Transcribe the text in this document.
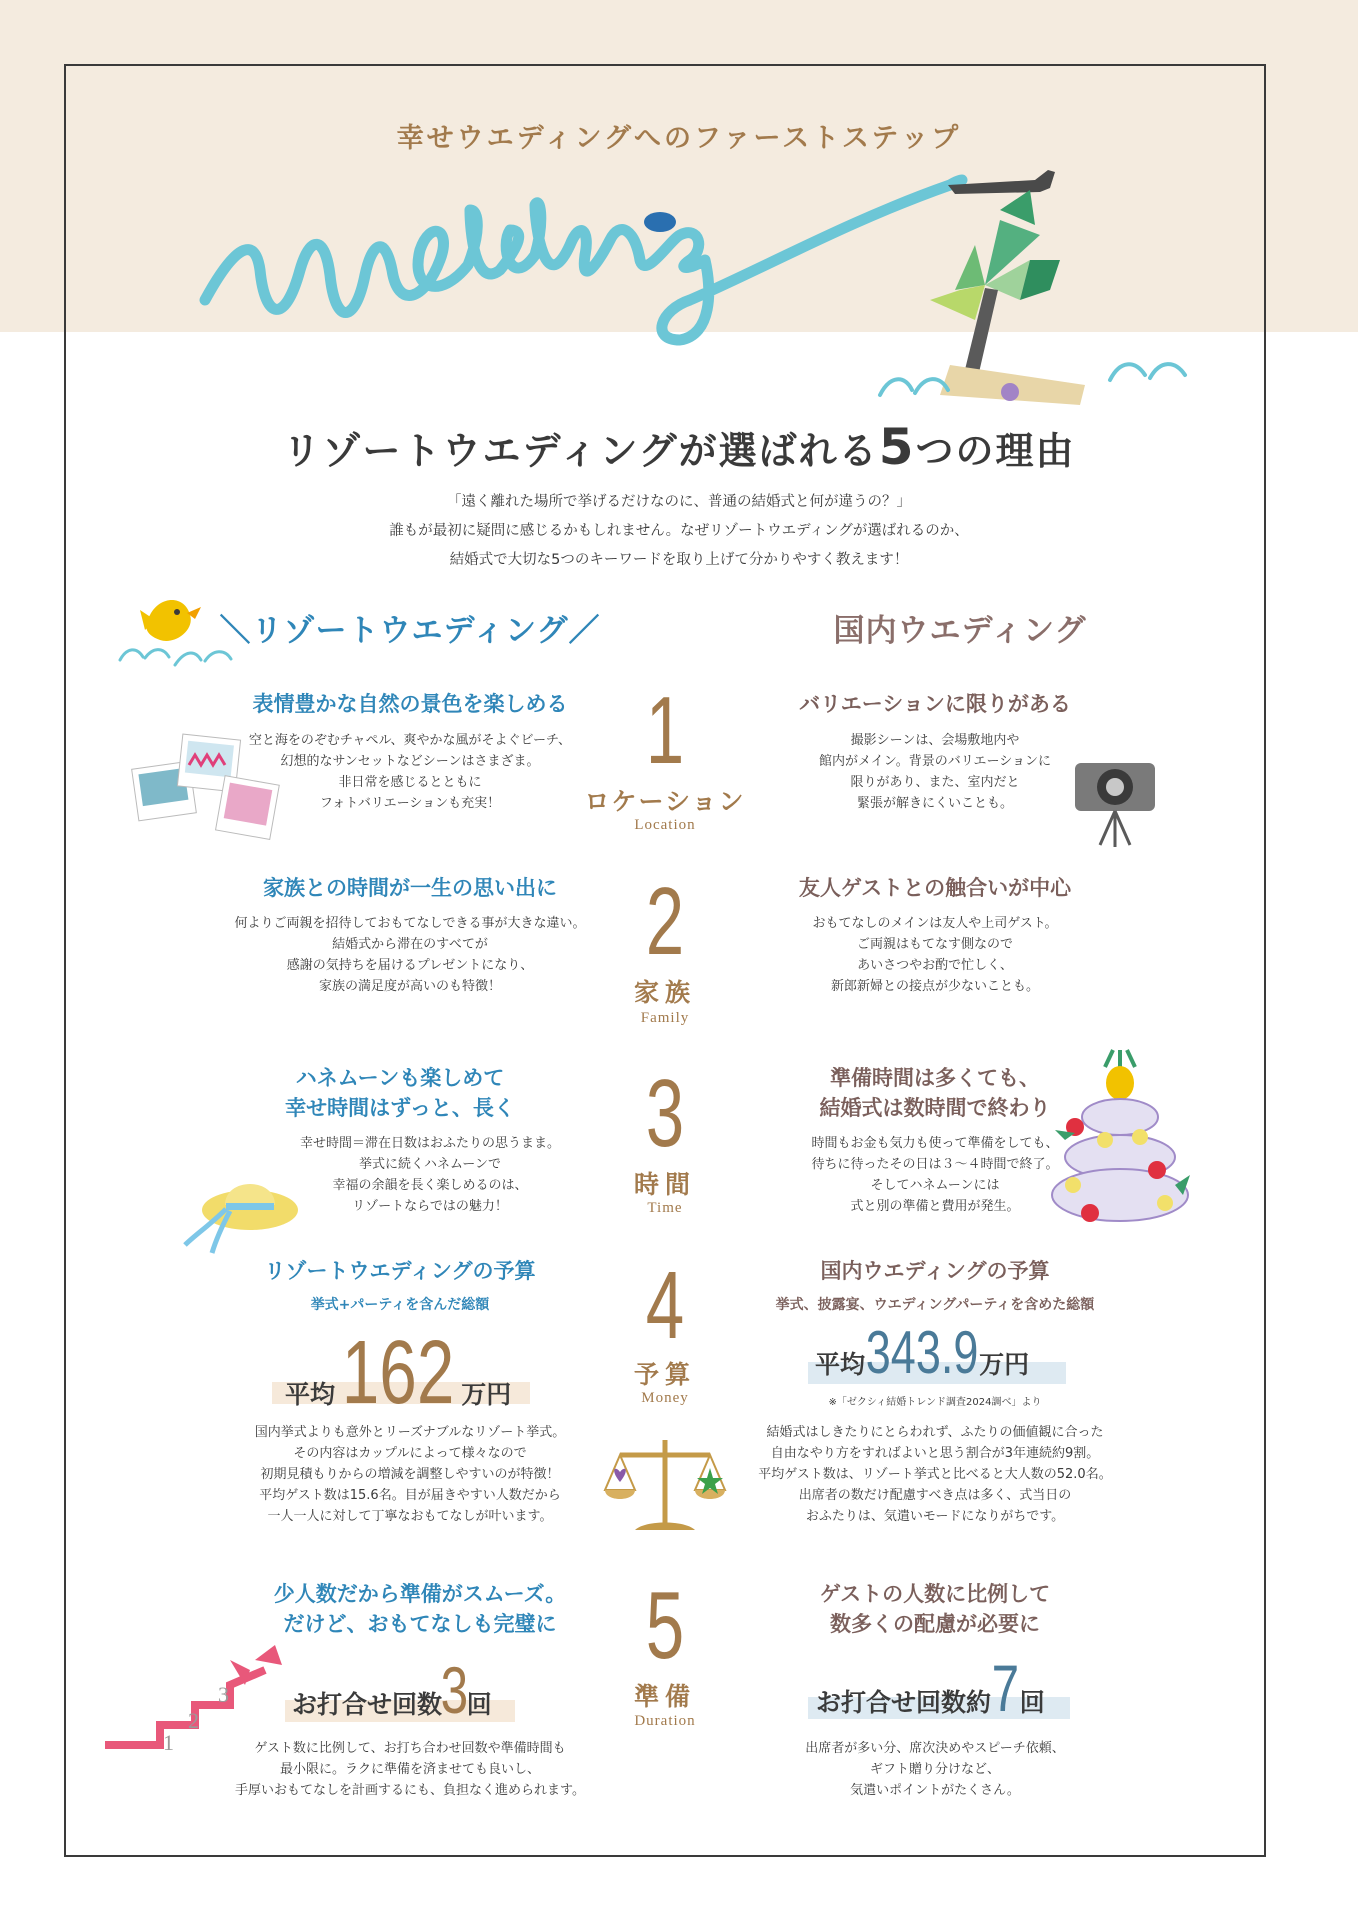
幸せウエディングへのファーストステップ
wedding
リゾートウエディングが選ばれる5つの理由
「遠く離れた場所で挙げるだけなのに、普通の結婚式と何が違うの？」
誰もが最初に疑問に感じるかもしれません。なぜリゾートウエディングが選ばれるのか、
結婚式で大切な5つのキーワードを取り上げて分かりやすく教えます！
＼リゾートウエディング／	国内ウエディング
表情豊かな自然の景色を楽しめる
空と海をのぞむチャペル、爽やかな風がそよぐビーチ、
幻想的なサンセットなどシーンはさまざま。
非日常を感じるとともに
フォトバリエーションも充実！
1
ロケーション
Location
バリエーションに限りがある
撮影シーンは、会場敷地内や
館内がメイン。背景のバリエーションに
限りがあり、また、室内だと
緊張が解きにくいことも。
家族との時間が一生の思い出に
何よりご両親を招待しておもてなしできる事が大きな違い。
結婚式から滞在のすべてが
感謝の気持ちを届けるプレゼントになり、
家族の満足度が高いのも特徴！
2
家族
Family
友人ゲストとの触合いが中心
おもてなしのメインは友人や上司ゲスト。
ご両親はもてなす側なので
あいさつやお酌で忙しく、
新郎新婦との接点が少ないことも。
ハネムーンも楽しめて
幸せ時間はずっと、長く
幸せ時間＝滞在日数はおふたりの思うまま。
挙式に続くハネムーンで
幸福の余韻を長く楽しめるのは、
リゾートならではの魅力！
3
時間
Time
準備時間は多くても、
結婚式は数時間で終わり
時間もお金も気力も使って準備をしても、
待ちに待ったその日は３〜４時間で終了。
そしてハネムーンには
式と別の準備と費用が発生。
リゾートウエディングの予算
挙式+パーティを含んだ総額
平均162 万円
国内挙式よりも意外とリーズナブルなリゾート挙式。
その内容はカップルによって様々なので
初期見積もりからの増減を調整しやすいのが特徴！
平均ゲスト数は15.6名。目が届きやすい人数だから
一人一人に対して丁寧なおもてなしが叶います。
4
予算
Money
国内ウエディングの予算
挙式、披露宴、ウエディングパーティを含めた総額
平均343.9万円
※「ゼクシィ結婚トレンド調査2024調べ」より
結婚式はしきたりにとらわれず、ふたりの価値観に合った
自由なやり方をすればよいと思う割合が3年連続約9割。
平均ゲスト数は、リゾート挙式と比べると大人数の52.0名。
出席者の数だけ配慮すべき点は多く、式当日の
おふたりは、気遣いモードになりがちです。
少人数だから準備がスムーズ。
だけど、おもてなしも完璧に
お打合せ回数3回
ゲスト数に比例して、お打ち合わせ回数や準備時間も
最小限に。ラクに準備を済ませても良いし、
手厚いおもてなしを計画するにも、負担なく進められます。
1
2
3
5
準備
Duration
ゲストの人数に比例して
数多くの配慮が必要に
お打合せ回数約7回
出席者が多い分、席次決めやスピーチ依頼、
ギフト贈り分けなど、
気遣いポイントがたくさん。
